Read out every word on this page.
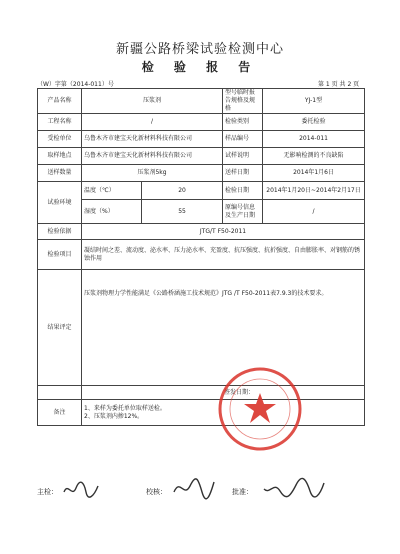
新疆公路桥梁试验检测中心
检 验 报 告
（W）字第（2014-011）号	第 1 页 共 2 页
产品名称	压浆剂		型号临时报告规格及规格	YJ-1型
工程名称	/		检验类别	委托检验
受检单位	乌鲁木齐市建宝天化新材料科技有限公司		样品编号	2014-011
取样地点	乌鲁木齐市建宝天化新材料科技有限公司		试样说明	无影响检测的不良缺陷
送样数量	压浆剂5kg		送样日期	2014年1月6日
试验环境	温度（℃）	20	检验日期	2014年1月20日~2014年2月17日
	湿度（%）	55	原编号信息及生产日期	/
检验依据	JTG/T F50-2011			
检验项目	凝结时间之差、流动度、泌水率、压力泌水率、充盈度、抗压强度、抗折强度、自由膨胀率、对钢筋的锈蚀作用			
结果评定	压浆剂物理力学性能满足《公路桥涵施工技术规范》JTG /T F50-2011表7.9.3的技术要求。			
	签发日期：			
备注	1、来样为委托单位取样送检。
2、压浆剂内掺12%。			
主检：	校核：	批准：
